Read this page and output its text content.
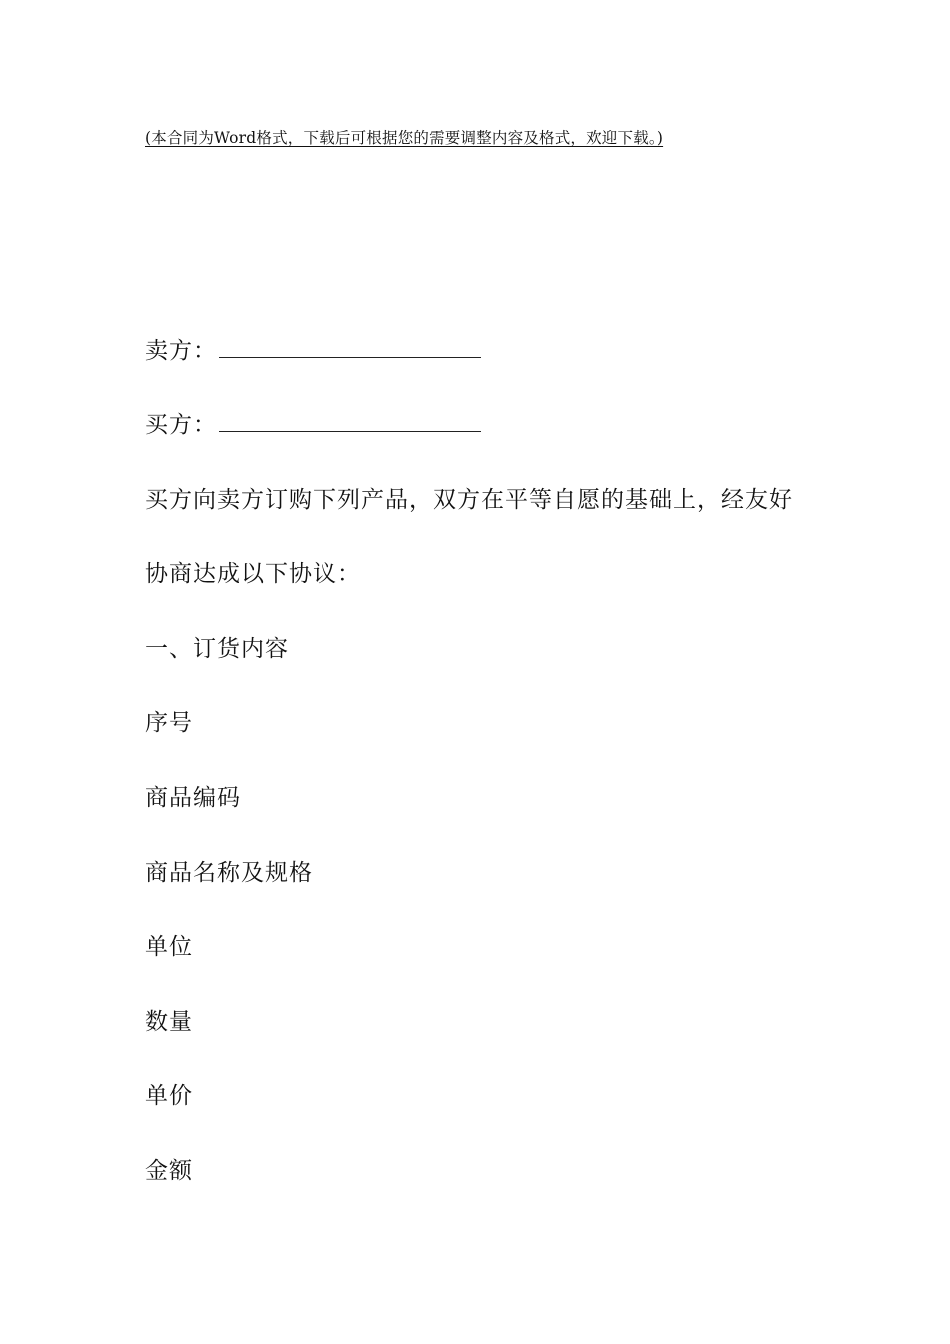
(本合同为Word格式，下载后可根据您的需要调整内容及格式，欢迎下载。)
卖方：
买方：
买方向卖方订购下列产品，双方在平等自愿的基础上，经友好
协商达成以下协议：
一、订货内容
序号
商品编码
商品名称及规格
单位
数量
单价
金额
